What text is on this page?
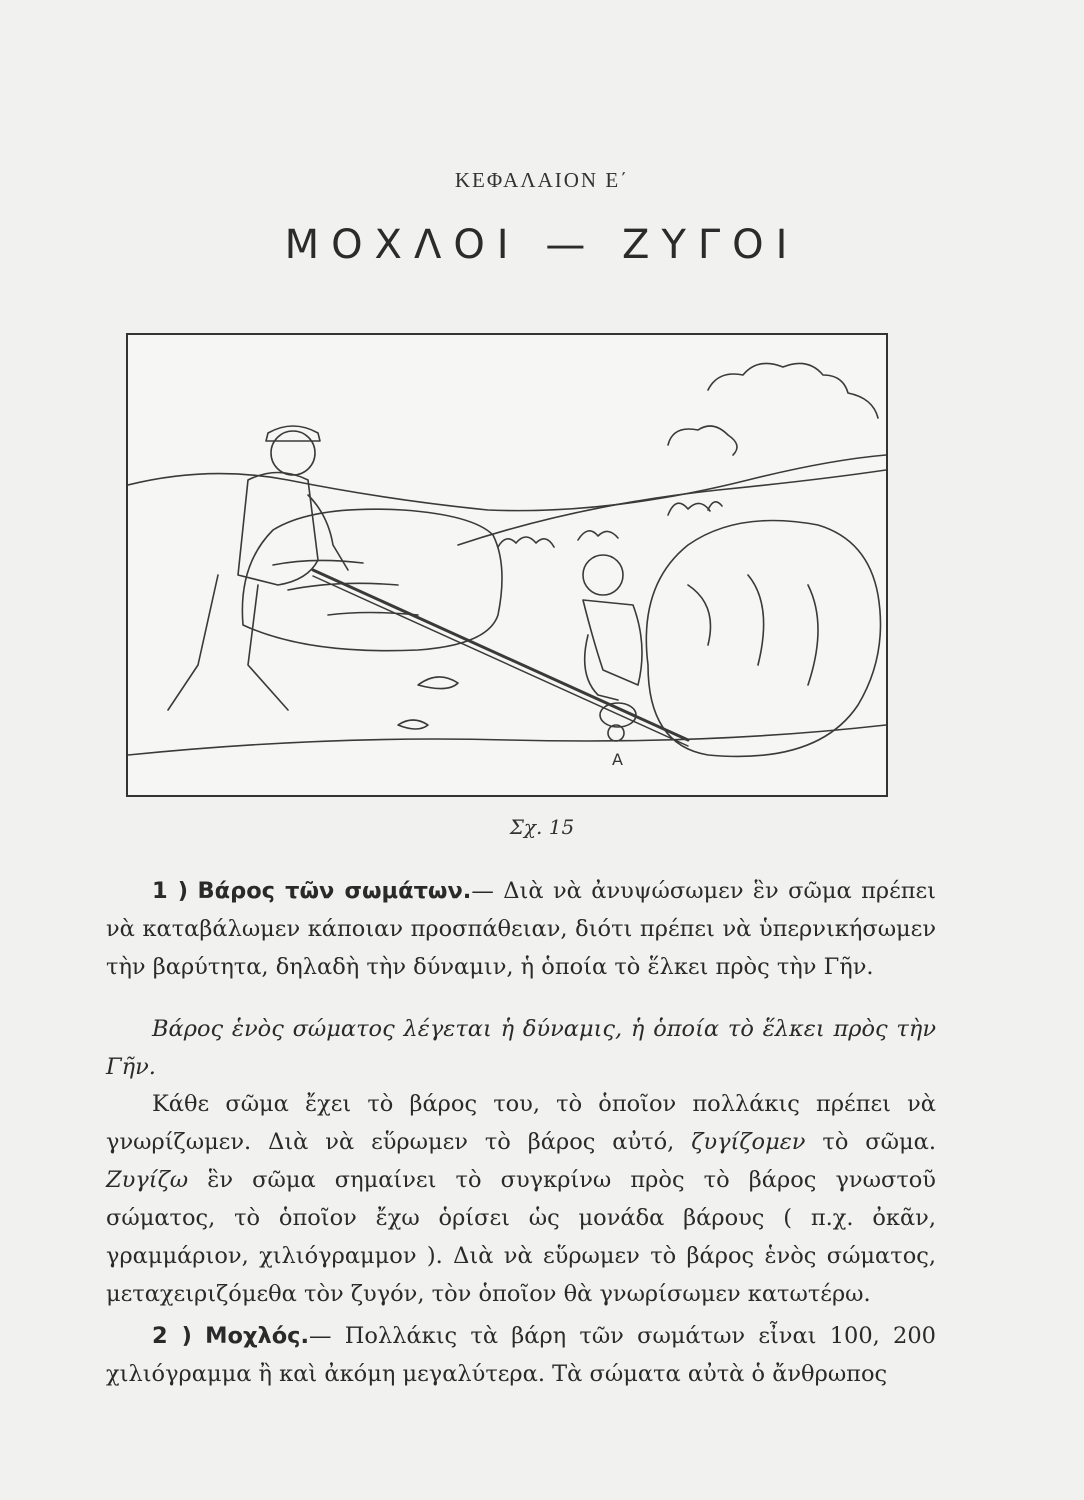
ΚΕΦΑΛΑΙΟΝ Ε΄
ΜΟΧΛΟΙ — ΖΥΓΟΙ
Α
Σχ. 15
1 ) Βάρος τῶν σωμάτων.— Διὰ νὰ ἀνυψώσωμεν ἓν σῶμα πρέπει νὰ καταβάλωμεν κάποιαν προσπάθειαν, διότι πρέπει νὰ ὑπερνικήσωμεν τὴν βαρύτητα, δηλαδὴ τὴν δύναμιν, ἡ ὁποία τὸ ἕλκει πρὸς τὴν Γῆν.
Βάρος ἑνὸς σώματος λέγεται ἡ δύναμις, ἡ ὁποία τὸ ἕλκει πρὸς τὴν Γῆν.
Κάθε σῶμα ἔχει τὸ βάρος του, τὸ ὁποῖον πολλάκις πρέπει νὰ γνωρίζωμεν. Διὰ νὰ εὕρωμεν τὸ βάρος αὐτό, ζυγίζομεν τὸ σῶμα. Ζυγίζω ἓν σῶμα σημαίνει τὸ συγκρίνω πρὸς τὸ βάρος γνωστοῦ σώματος, τὸ ὁποῖον ἔχω ὁρίσει ὡς μονάδα βάρους ( π.χ. ὀκᾶν, γραμμάριον, χιλιόγραμμον ). Διὰ νὰ εὕρωμεν τὸ βάρος ἑνὸς σώματος, μεταχειριζόμεθα τὸν ζυγόν, τὸν ὁποῖον θὰ γνωρίσωμεν κατωτέρω.
2 ) Μοχλός.— Πολλάκις τὰ βάρη τῶν σωμάτων εἶναι 100, 200 χιλιόγραμμα ἢ καὶ ἀκόμη μεγαλύτερα. Τὰ σώματα αὐτὰ ὁ ἄνθρωπος
